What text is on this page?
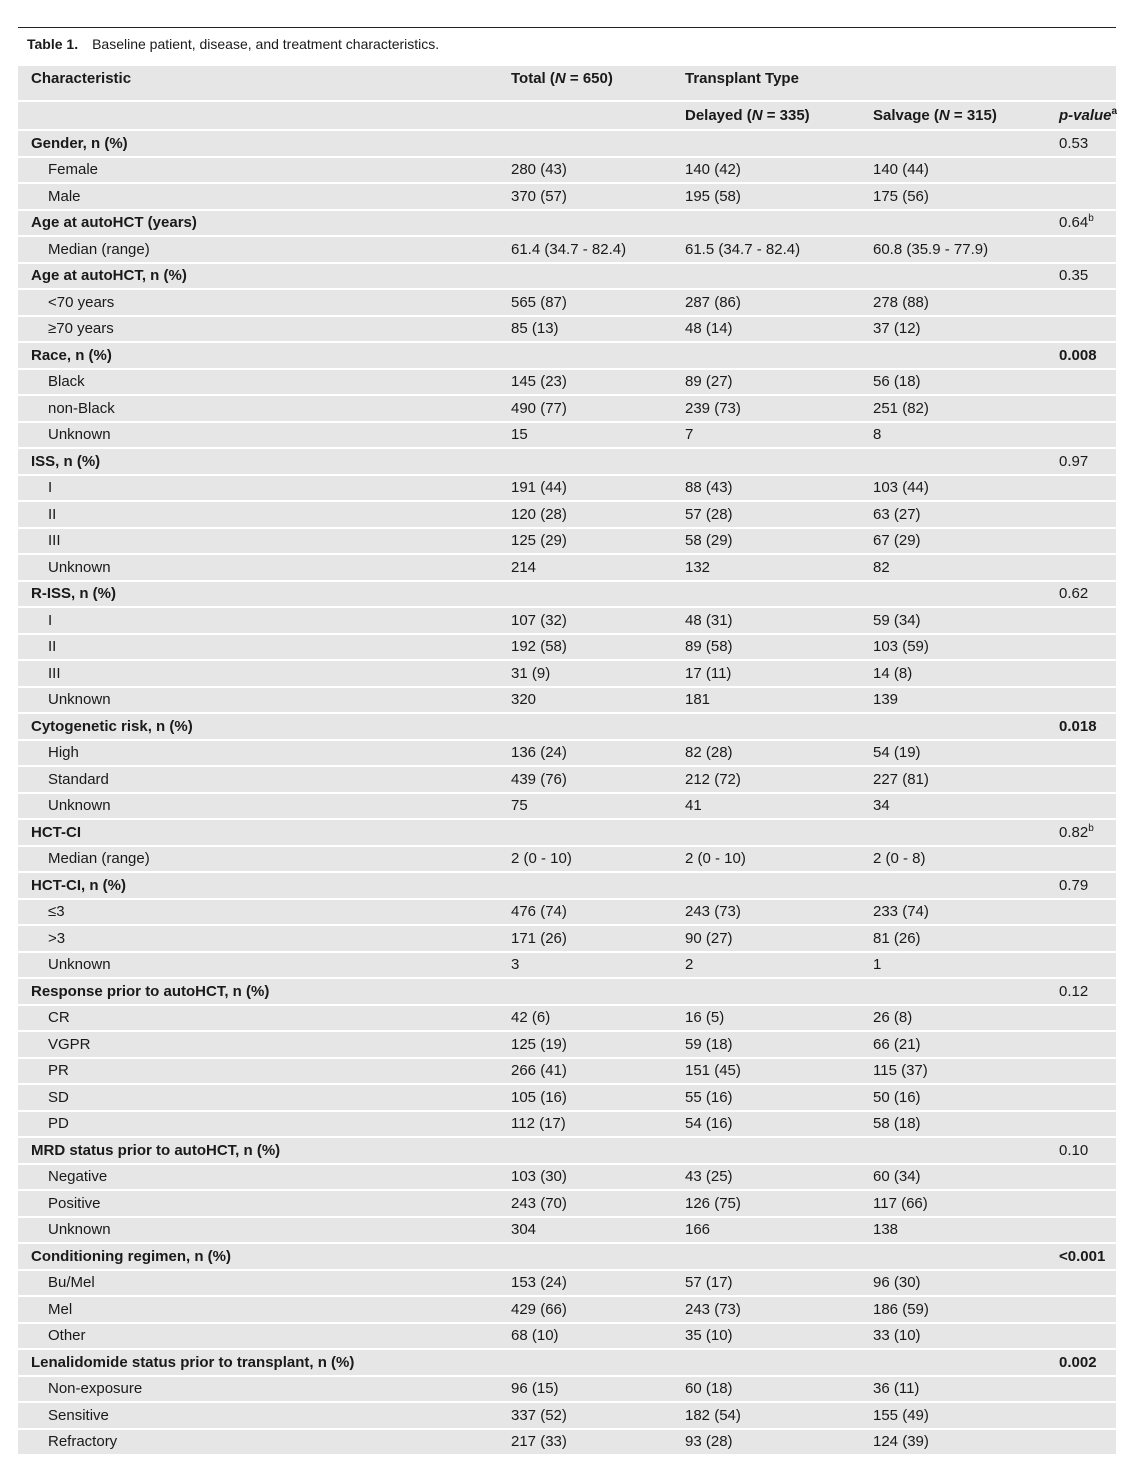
Table 1. Baseline patient, disease, and treatment characteristics.
Characteristic	Total (N = 650)	Transplant Type		
		Delayed (N = 335)	Salvage (N = 315)	p-value$^a$
Gender, n (%)				0.53
Female	280 (43)	140 (42)	140 (44)	
Male	370 (57)	195 (58)	175 (56)	
Age at autoHCT (years)				0.64$^b$
Median (range)	61.4 (34.7 - 82.4)	61.5 (34.7 - 82.4)	60.8 (35.9 - 77.9)	
Age at autoHCT, n (%)				0.35
<70 years	565 (87)	287 (86)	278 (88)	
≥70 years	85 (13)	48 (14)	37 (12)	
Race, n (%)				0.008
Black	145 (23)	89 (27)	56 (18)	
non-Black	490 (77)	239 (73)	251 (82)	
Unknown	15	7	8	
ISS, n (%)				0.97
I	191 (44)	88 (43)	103 (44)	
II	120 (28)	57 (28)	63 (27)	
III	125 (29)	58 (29)	67 (29)	
Unknown	214	132	82	
R-ISS, n (%)				0.62
I	107 (32)	48 (31)	59 (34)	
II	192 (58)	89 (58)	103 (59)	
III	31 (9)	17 (11)	14 (8)	
Unknown	320	181	139	
Cytogenetic risk, n (%)				0.018
High	136 (24)	82 (28)	54 (19)	
Standard	439 (76)	212 (72)	227 (81)	
Unknown	75	41	34	
HCT-CI				0.82$^b$
Median (range)	2 (0 - 10)	2 (0 - 10)	2 (0 - 8)	
HCT-CI, n (%)				0.79
≤3	476 (74)	243 (73)	233 (74)	
>3	171 (26)	90 (27)	81 (26)	
Unknown	3	2	1	
Response prior to autoHCT, n (%)				0.12
CR	42 (6)	16 (5)	26 (8)	
VGPR	125 (19)	59 (18)	66 (21)	
PR	266 (41)	151 (45)	115 (37)	
SD	105 (16)	55 (16)	50 (16)	
PD	112 (17)	54 (16)	58 (18)	
MRD status prior to autoHCT, n (%)				0.10
Negative	103 (30)	43 (25)	60 (34)	
Positive	243 (70)	126 (75)	117 (66)	
Unknown	304	166	138	
Conditioning regimen, n (%)				<0.001
Bu/Mel	153 (24)	57 (17)	96 (30)	
Mel	429 (66)	243 (73)	186 (59)	
Other	68 (10)	35 (10)	33 (10)	
Lenalidomide status prior to transplant, n (%)				0.002
Non-exposure	96 (15)	60 (18)	36 (11)	
Sensitive	337 (52)	182 (54)	155 (49)	
Refractory	217 (33)	93 (28)	124 (39)	
